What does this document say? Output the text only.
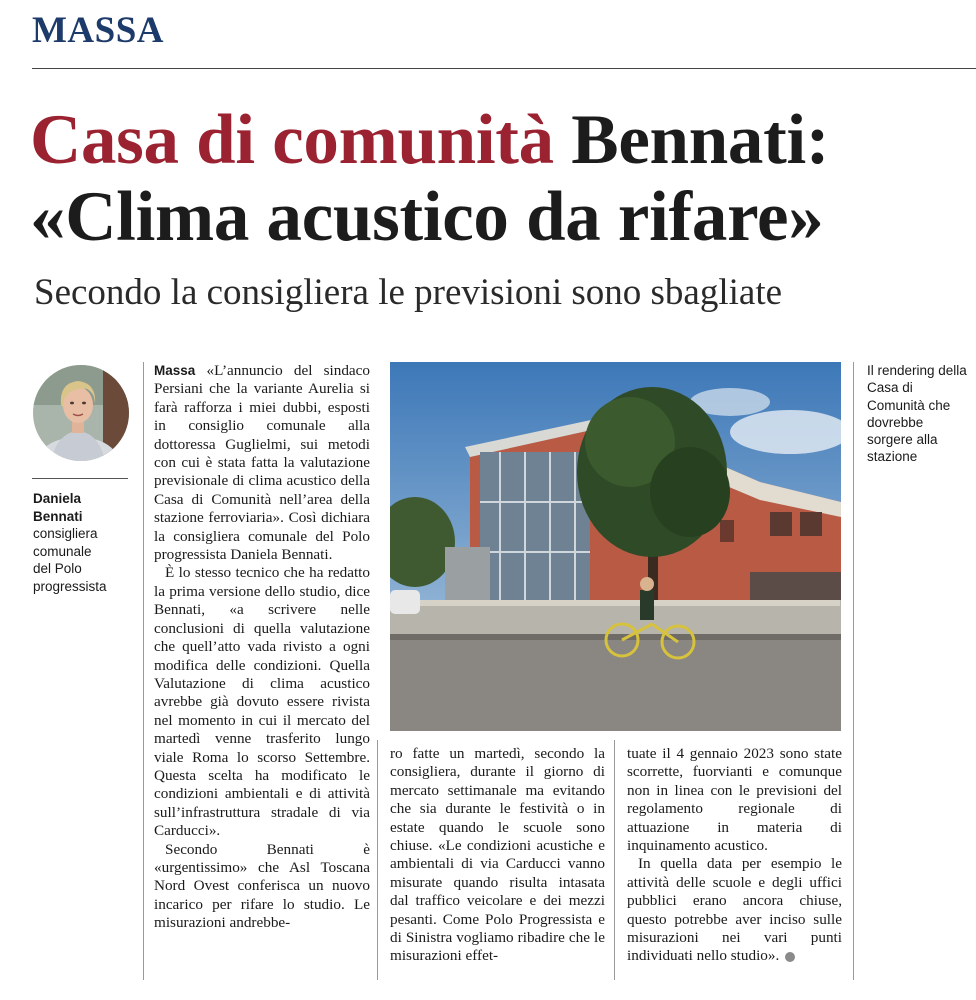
MASSA
Casa di comunità Bennati:
«Clima acustico da rifare»
Secondo la consigliera le previsioni sono sbagliate
Daniela
Bennati
consigliera
comunale
del Polo
progressista

Massa «L’annuncio del sindaco Persiani che la variante Aurelia si farà rafforza i miei dubbi, esposti in consiglio comunale alla dottoressa Guglielmi, sui metodi con cui è stata fatta la valutazione previsionale di clima acustico della Casa di Comunità nell’area della stazione ferroviaria». Così dichiara la consigliera comunale del Polo progressista Daniela Bennati.

È lo stesso tecnico che ha redatto la prima versione dello studio, dice Bennati, «a scrivere nelle conclusioni di quella valutazione che quell’atto vada rivisto a ogni modifica delle condizioni. Quella Valutazione di clima acustico avrebbe già dovuto essere rivista nel momento in cui il mercato del martedì venne trasferito lungo viale Roma lo scorso Settembre. Questa scelta ha modificato le condizioni ambientali e di attività sull’infrastruttura stradale di via Carducci».

Secondo Bennati è «urgentissimo» che Asl Toscana Nord Ovest conferisca un nuovo incarico per rifare lo studio. Le misurazioni andrebbe-

ro fatte un martedì, secondo la consigliera, durante il giorno di mercato settimanale ma evitando che sia durante le festività o in estate quando le scuole sono chiuse. «Le condizioni acustiche e ambientali di via Carducci vanno misurate quando risulta intasata dal traffico veicolare e dei mezzi pesanti. Come Polo Progressista e di Sinistra vogliamo ribadire che le misurazioni effet-

tuate il 4 gennaio 2023 sono state scorrette, fuorvianti e comunque non in linea con le previsioni del regolamento regionale di attuazione in materia di inquinamento acustico.

In quella data per esempio le attività delle scuole e degli uffici pubblici erano ancora chiuse, questo potrebbe aver inciso sulle misurazioni nei vari punti individuati nello studio».

Il rendering della Casa di Comunità che dovrebbe sorgere alla stazione
